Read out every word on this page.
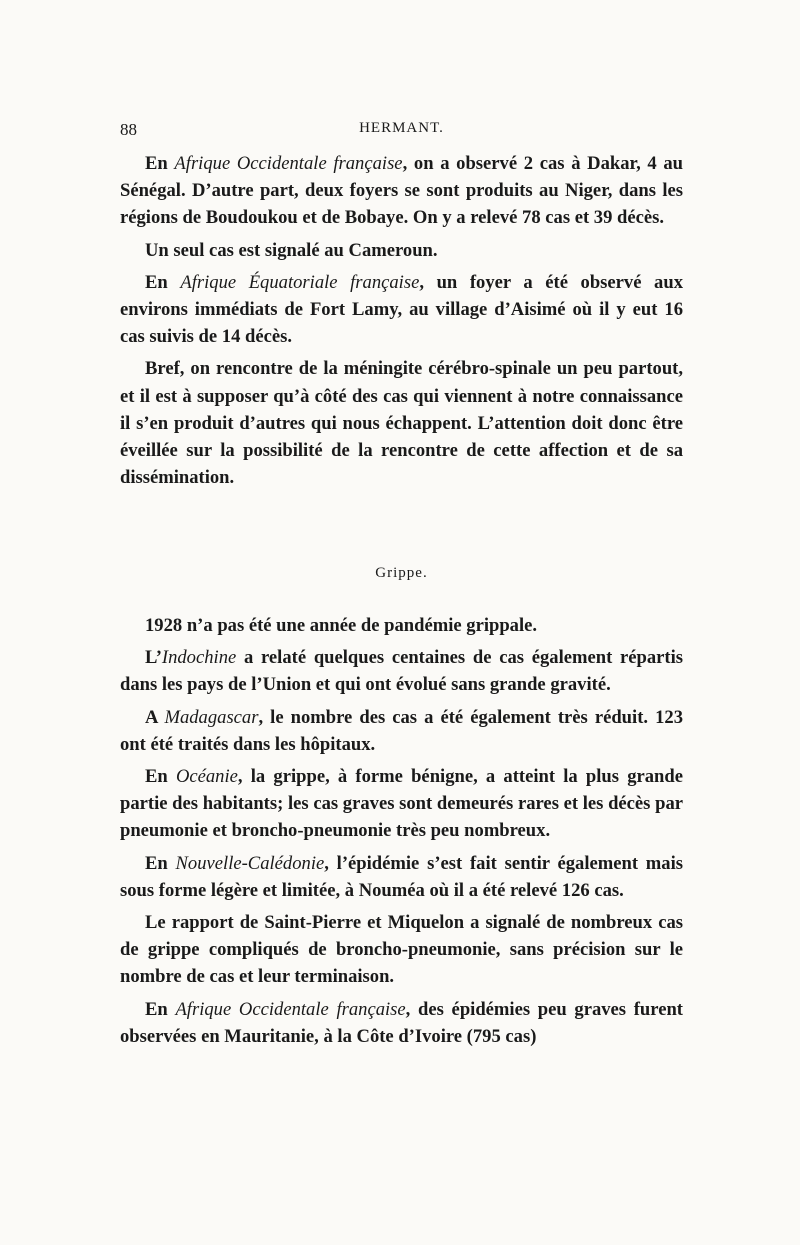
88	HERMANT.

En Afrique Occidentale française, on a observé 2 cas à Dakar, 4 au Sénégal. D’autre part, deux foyers se sont produits au Niger, dans les régions de Boudoukou et de Bobaye. On y a relevé 78 cas et 39 décès.

Un seul cas est signalé au Cameroun.

En Afrique Équatoriale française, un foyer a été observé aux environs immédiats de Fort Lamy, au village d’Aisimé où il y eut 16 cas suivis de 14 décès.

Bref, on rencontre de la méningite cérébro-spinale un peu partout, et il est à supposer qu’à côté des cas qui viennent à notre connaissance il s’en produit d’autres qui nous échappent. L’attention doit donc être éveillée sur la possibilité de la rencontre de cette affection et de sa dissémination.

Grippe.

1928 n’a pas été une année de pandémie grippale.

L’Indochine a relaté quelques centaines de cas également répartis dans les pays de l’Union et qui ont évolué sans grande gravité.

A Madagascar, le nombre des cas a été également très réduit. 123 ont été traités dans les hôpitaux.

En Océanie, la grippe, à forme bénigne, a atteint la plus grande partie des habitants; les cas graves sont demeurés rares et les décès par pneumonie et broncho-pneumonie très peu nombreux.

En Nouvelle-Calédonie, l’épidémie s’est fait sentir également mais sous forme légère et limitée, à Nouméa où il a été relevé 126 cas.

Le rapport de Saint-Pierre et Miquelon a signalé de nombreux cas de grippe compliqués de broncho-pneumonie, sans précision sur le nombre de cas et leur terminaison.

En Afrique Occidentale française, des épidémies peu graves furent observées en Mauritanie, à la Côte d’Ivoire (795 cas)
